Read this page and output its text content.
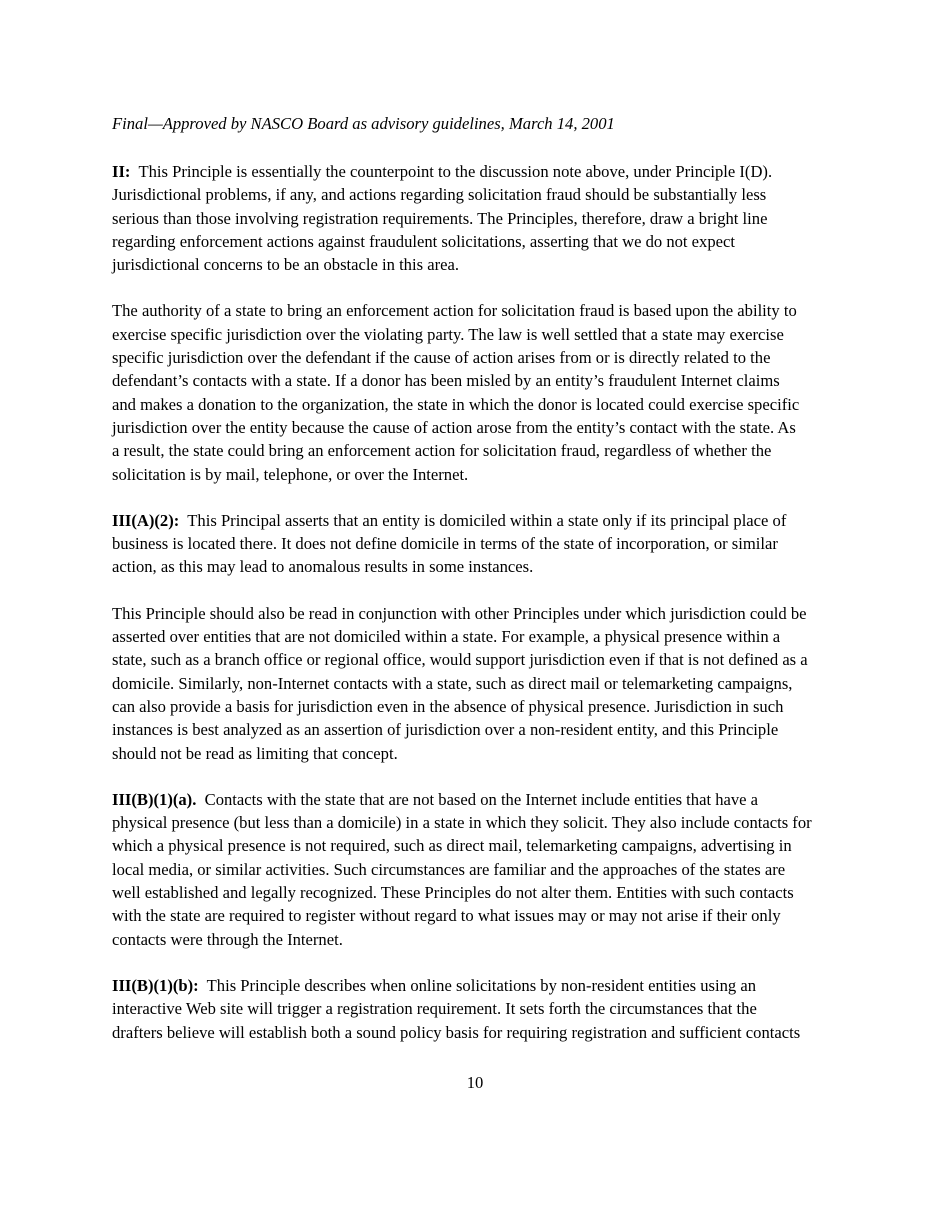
Final—Approved by NASCO Board as advisory guidelines, March 14, 2001

II:  This Principle is essentially the counterpoint to the discussion note above, under Principle I(D).
Jurisdictional problems, if any, and actions regarding solicitation fraud should be substantially less
serious than those involving registration requirements. The Principles, therefore, draw a bright line
regarding enforcement actions against fraudulent solicitations, asserting that we do not expect
jurisdictional concerns to be an obstacle in this area.

The authority of a state to bring an enforcement action for solicitation fraud is based upon the ability to
exercise specific jurisdiction over the violating party. The law is well settled that a state may exercise
specific jurisdiction over the defendant if the cause of action arises from or is directly related to the
defendant’s contacts with a state. If a donor has been misled by an entity’s fraudulent Internet claims
and makes a donation to the organization, the state in which the donor is located could exercise specific
jurisdiction over the entity because the cause of action arose from the entity’s contact with the state. As
a result, the state could bring an enforcement action for solicitation fraud, regardless of whether the
solicitation is by mail, telephone, or over the Internet.

III(A)(2):  This Principal asserts that an entity is domiciled within a state only if its principal place of
business is located there. It does not define domicile in terms of the state of incorporation, or similar
action, as this may lead to anomalous results in some instances.

This Principle should also be read in conjunction with other Principles under which jurisdiction could be
asserted over entities that are not domiciled within a state. For example, a physical presence within a
state, such as a branch office or regional office, would support jurisdiction even if that is not defined as a
domicile. Similarly, non-Internet contacts with a state, such as direct mail or telemarketing campaigns,
can also provide a basis for jurisdiction even in the absence of physical presence. Jurisdiction in such
instances is best analyzed as an assertion of jurisdiction over a non-resident entity, and this Principle
should not be read as limiting that concept.

III(B)(1)(a).  Contacts with the state that are not based on the Internet include entities that have a
physical presence (but less than a domicile) in a state in which they solicit. They also include contacts for
which a physical presence is not required, such as direct mail, telemarketing campaigns, advertising in
local media, or similar activities. Such circumstances are familiar and the approaches of the states are
well established and legally recognized. These Principles do not alter them. Entities with such contacts
with the state are required to register without regard to what issues may or may not arise if their only
contacts were through the Internet.

III(B)(1)(b):  This Principle describes when online solicitations by non-resident entities using an
interactive Web site will trigger a registration requirement. It sets forth the circumstances that the
drafters believe will establish both a sound policy basis for requiring registration and sufficient contacts

10
